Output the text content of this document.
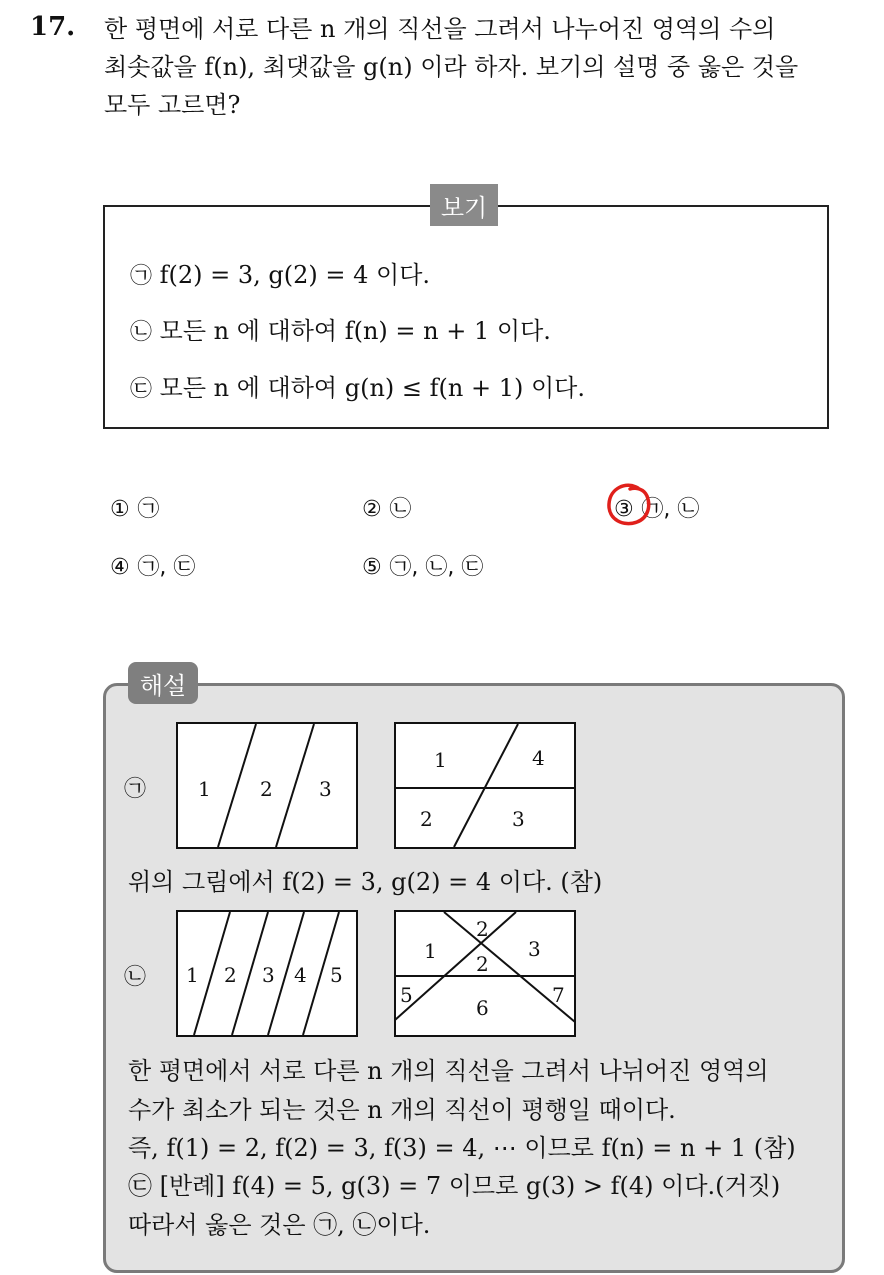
17. 한 평면에 서로 다른 n 개의 직선을 그려서 나누어진 영역의 수의
최솟값을 f(n), 최댓값을 g(n) 이라 하자. 보기의 설명 중 옳은 것을
모두 고르면?
보기
㉠ f(2) = 3, g(2) = 4 이다.
㉡ 모든 n 에 대하여 f(n) = n + 1 이다.
㉢ 모든 n 에 대하여 g(n) ≤ f(n + 1) 이다.
① ㉠	② ㉡	③ ㉠, ㉡
④ ㉠, ㉢	⑤ ㉠, ㉡, ㉢
해설
㉠
㉡
1 2 3
1	4
2	3
1 2 3 4 5
2
1	3
2
5	7
6
위의 그림에서 f(2) = 3, g(2) = 4 이다. (참)
한 평면에서 서로 다른 n 개의 직선을 그려서 나뉘어진 영역의
수가 최소가 되는 것은 n 개의 직선이 평행일 때이다.
즉, f(1) = 2, f(2) = 3, f(3) = 4, ⋯ 이므로 f(n) = n + 1 (참)
㉢ [반례] f(4) = 5, g(3) = 7 이므로 g(3) > f(4) 이다.(거짓)
따라서 옳은 것은 ㉠, ㉡이다.
